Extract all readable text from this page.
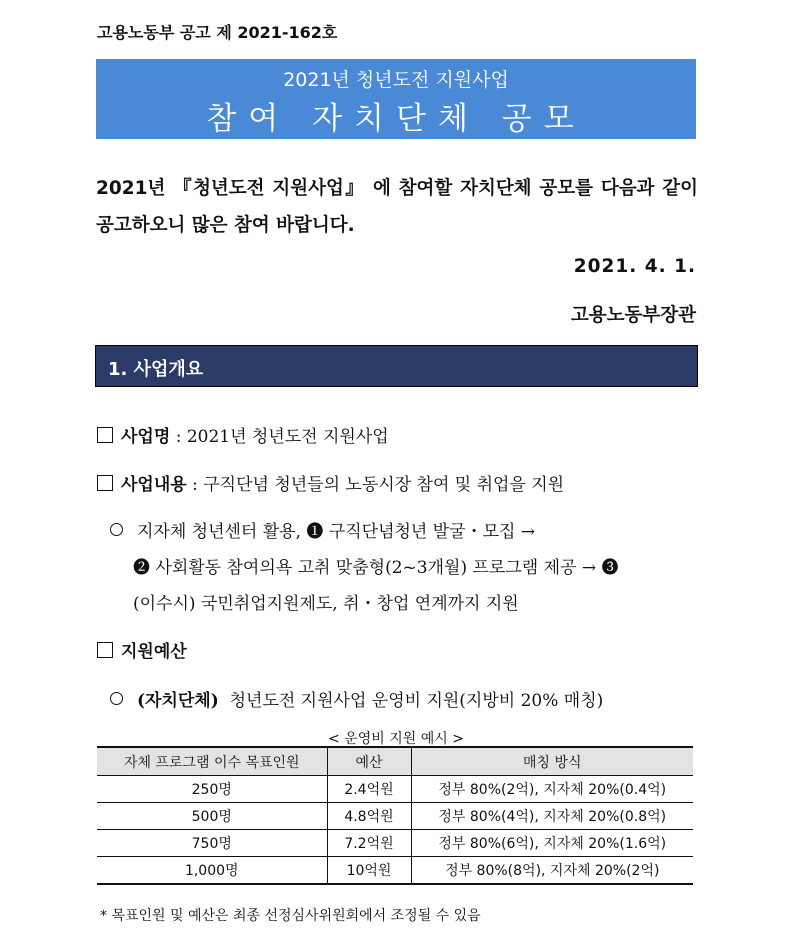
고용노동부 공고 제 2021-162호
2021년 청년도전 지원사업
참여 자치단체 공모
2021년 『청년도전 지원사업』 에 참여할 자치단체 공모를 다음과 같이 공고하오니 많은 참여 바랍니다.
2021. 4. 1.
고용노동부장관
1. 사업개요
사업명 : 2021년 청년도전 지원사업
사업내용 : 구직단념 청년들의 노동시장 참여 및 취업을 지원
지자체 청년센터 활용, ❶ 구직단념청년 발굴・모집 →
❷ 사회활동 참여의욕 고취 맞춤형(2~3개월) 프로그램 제공 → ❸
(이수시) 국민취업지원제도, 취・창업 연계까지 지원
지원예산
(자치단체) 청년도전 지원사업 운영비 지원(지방비 20% 매칭)
< 운영비 지원 예시 >
자체 프로그램 이수 목표인원	예산	매칭 방식
250명	2.4억원	정부 80%(2억), 지자체 20%(0.4억)
500명	4.8억원	정부 80%(4억), 지자체 20%(0.8억)
750명	7.2억원	정부 80%(6억), 지자체 20%(1.6억)
1,000명	10억원	정부 80%(8억), 지자체 20%(2억)
* 목표인원 및 예산은 최종 선정심사위원회에서 조정될 수 있음
